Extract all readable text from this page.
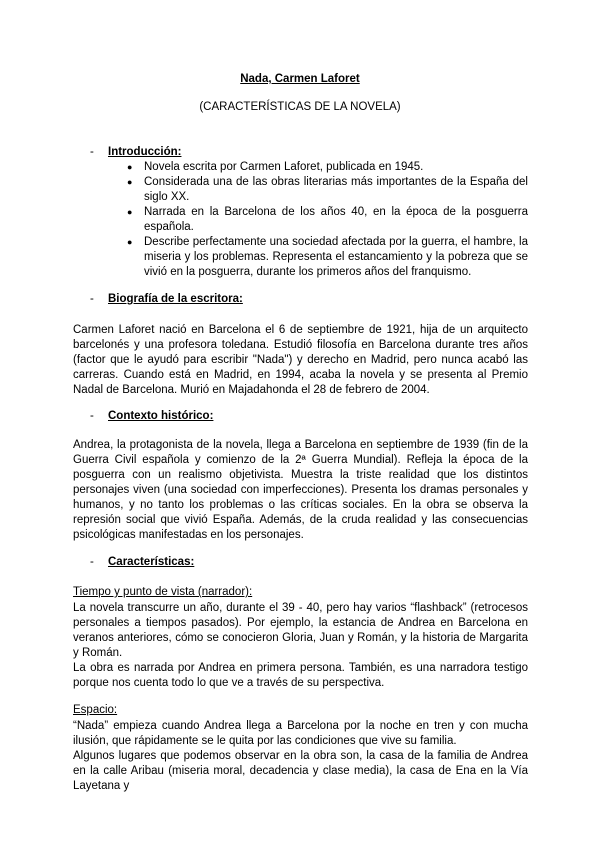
Nada, Carmen Laforet
(CARACTERÍSTICAS DE LA NOVELA)
- Introducción:
● Novela escrita por Carmen Laforet, publicada en 1945.
● Considerada una de las obras literarias más importantes de la España del siglo XX.
● Narrada en la Barcelona de los años 40, en la época de la posguerra española.
● Describe perfectamente una sociedad afectada por la guerra, el hambre, la miseria y los problemas. Representa el estancamiento y la pobreza que se vivió en la posguerra, durante los primeros años del franquismo.
- Biografía de la escritora:

Carmen Laforet nació en Barcelona el 6 de septiembre de 1921, hija de un arquitecto barcelonés y una profesora toledana. Estudió filosofía en Barcelona durante tres años (factor que le ayudó para escribir "Nada") y derecho en Madrid, pero nunca acabó las carreras. Cuando está en Madrid, en 1994, acaba la novela y se presenta al Premio Nadal de Barcelona. Murió en Majadahonda el 28 de febrero de 2004.

- Contexto histórico:

Andrea, la protagonista de la novela, llega a Barcelona en septiembre de 1939 (fin de la Guerra Civil española y comienzo de la 2ª Guerra Mundial). Refleja la época de la posguerra con un realismo objetivista. Muestra la triste realidad que los distintos personajes viven (una sociedad con imperfecciones). Presenta los dramas personales y humanos, y no tanto los problemas o las críticas sociales. En la obra se observa la represión social que vivió España. Además, de la cruda realidad y las consecuencias psicológicas manifestadas en los personajes.

- Características:

Tiempo y punto de vista (narrador):

La novela transcurre un año, durante el 39 - 40, pero hay varios “flashback” (retrocesos personales a tiempos pasados). Por ejemplo, la estancia de Andrea en Barcelona en veranos anteriores, cómo se conocieron Gloria, Juan y Román, y la historia de Margarita y Román.

La obra es narrada por Andrea en primera persona. También, es una narradora testigo porque nos cuenta todo lo que ve a través de su perspectiva.

Espacio:

“Nada” empieza cuando Andrea llega a Barcelona por la noche en tren y con mucha ilusión, que rápidamente se le quita por las condiciones que vive su familia.

Algunos lugares que podemos observar en la obra son, la casa de la familia de Andrea en la calle Aribau (miseria moral, decadencia y clase media), la casa de Ena en la Vía Layetana y
